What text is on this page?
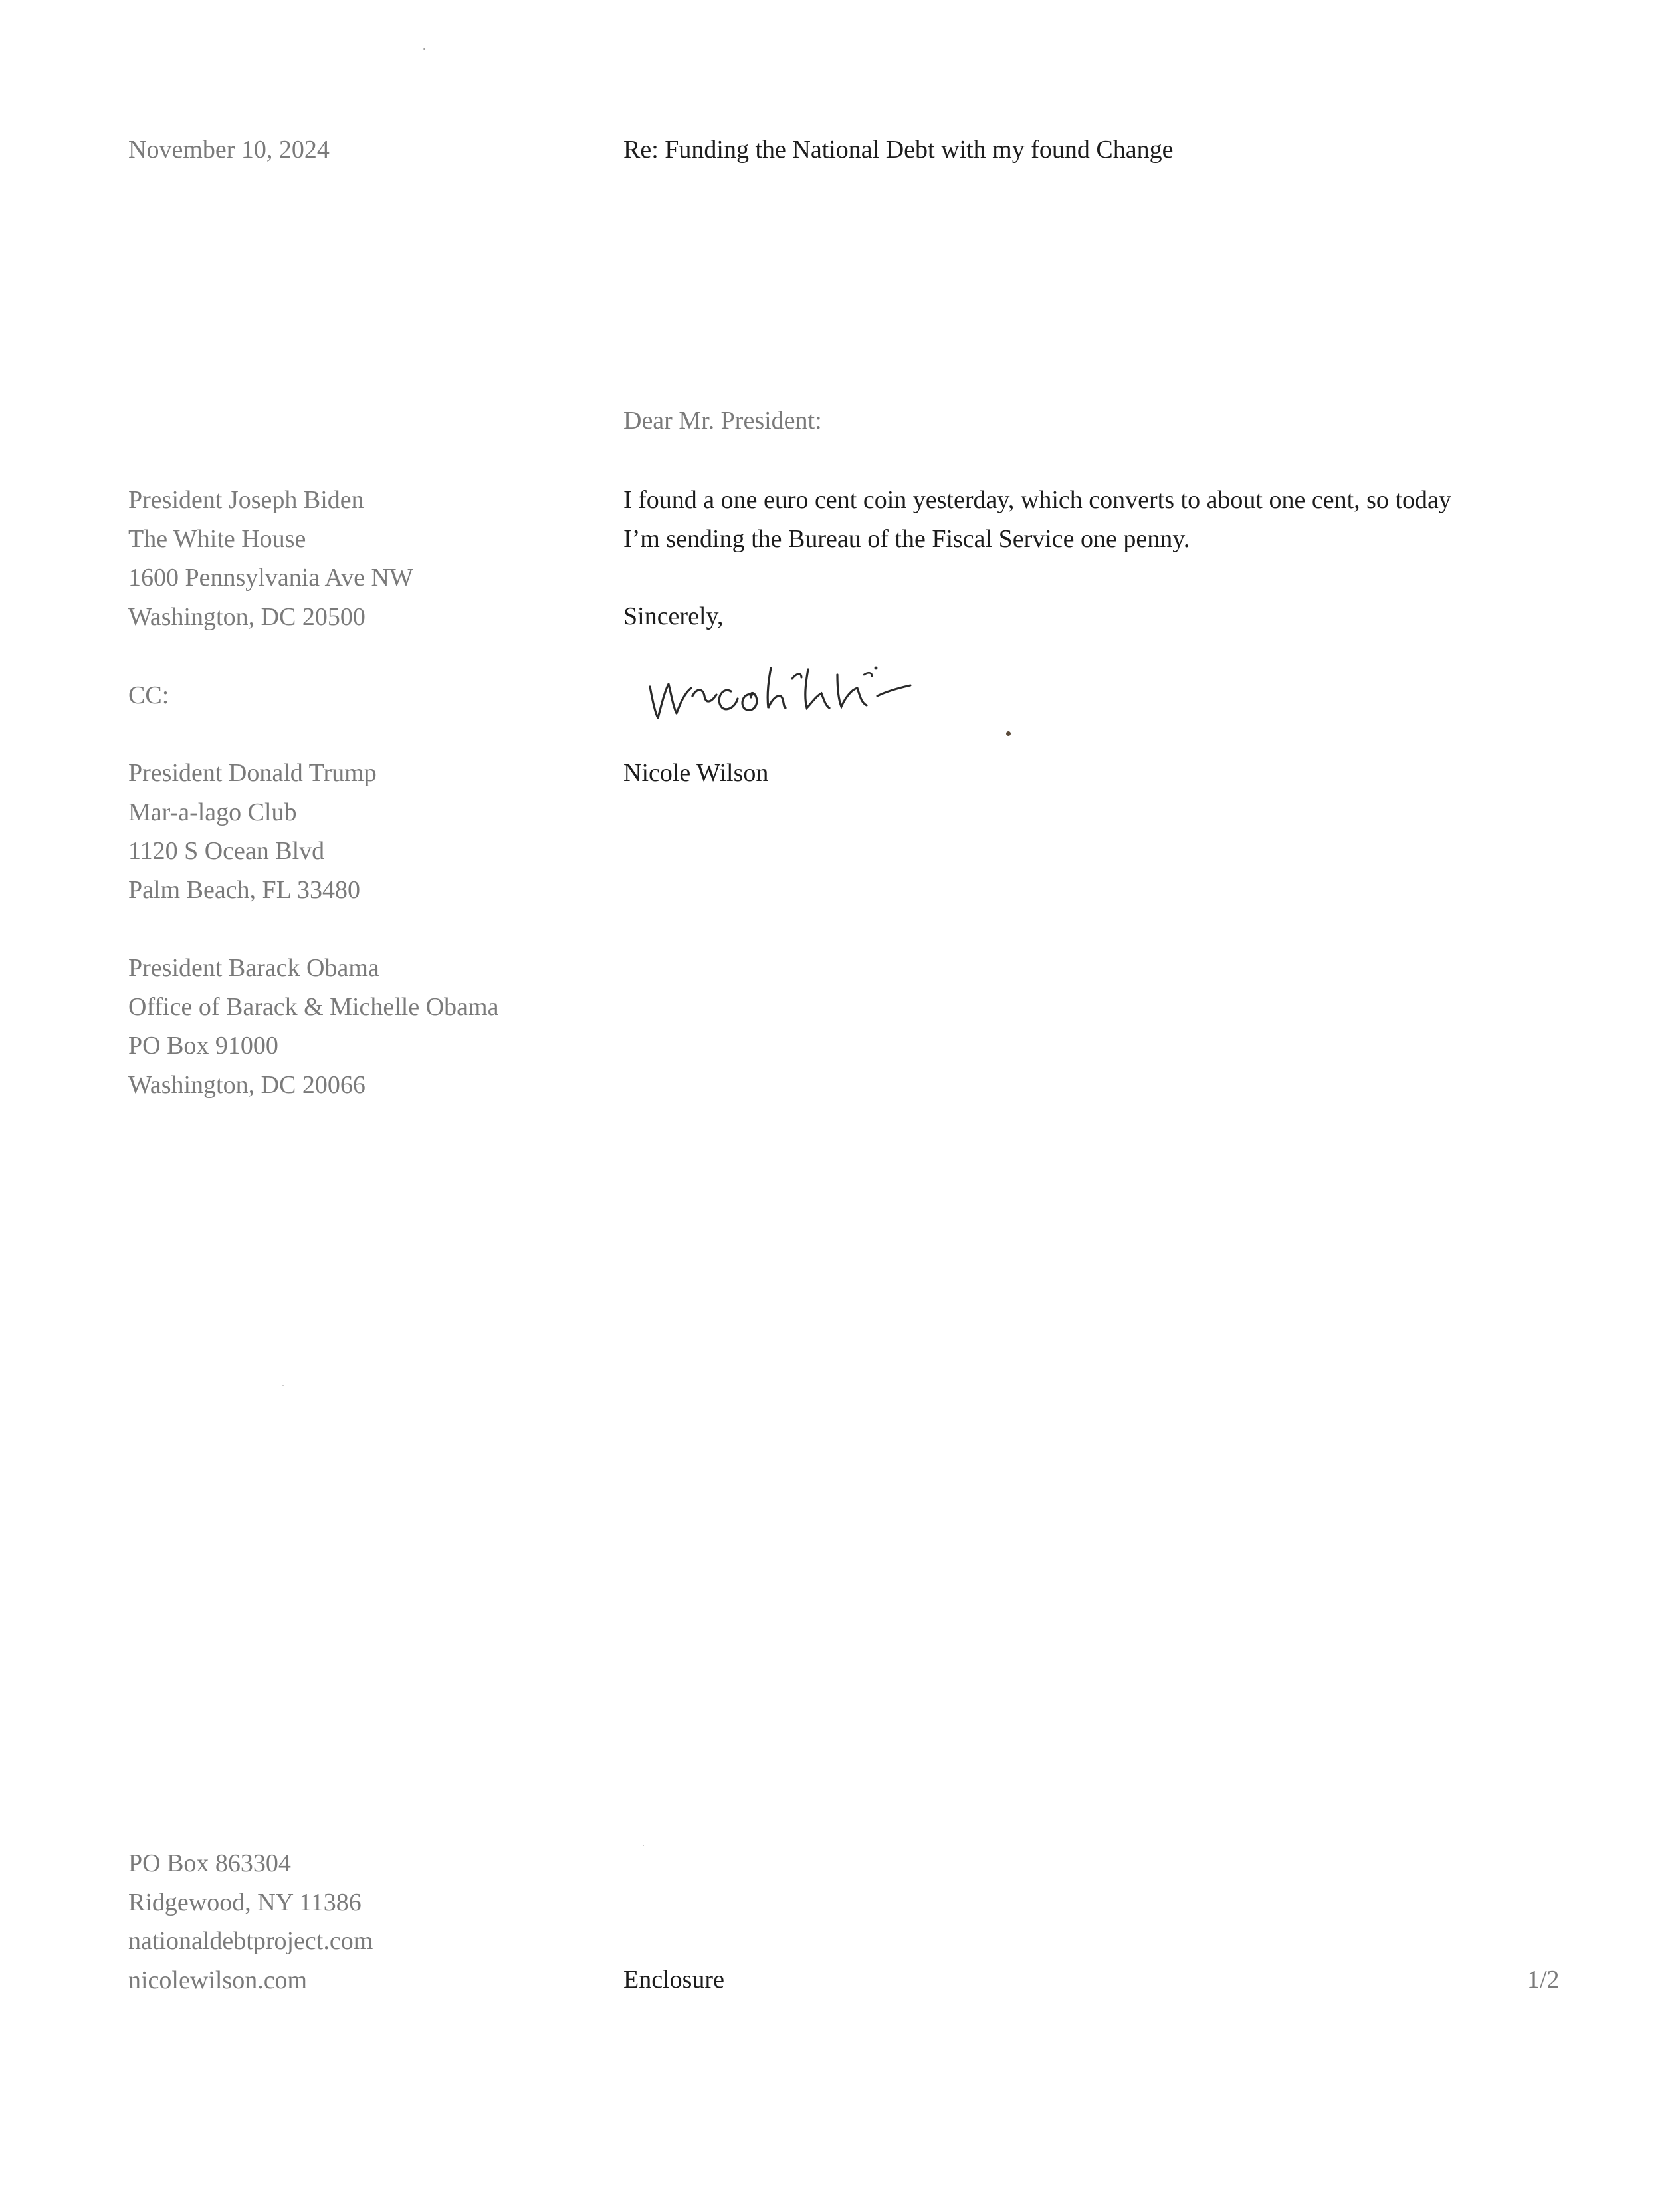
November 10, 2024	Re: Funding the National Debt with my found Change
Dear Mr. President:
President Joseph Biden
The White House
1600 Pennsylvania Ave NW
Washington, DC 20500
I found a one euro cent coin yesterday, which converts to about one cent, so today
I’m sending the Bureau of the Fiscal Service one penny.
Sincerely,
CC:
Nicole Wilson
President Donald Trump
Mar-a-lago Club
1120 S Ocean Blvd
Palm Beach, FL 33480
President Barack Obama
Office of Barack & Michelle Obama
PO Box 91000
Washington, DC 20066
PO Box 863304
Ridgewood, NY 11386
nationaldebtproject.com
nicolewilson.com	Enclosure	1/2
